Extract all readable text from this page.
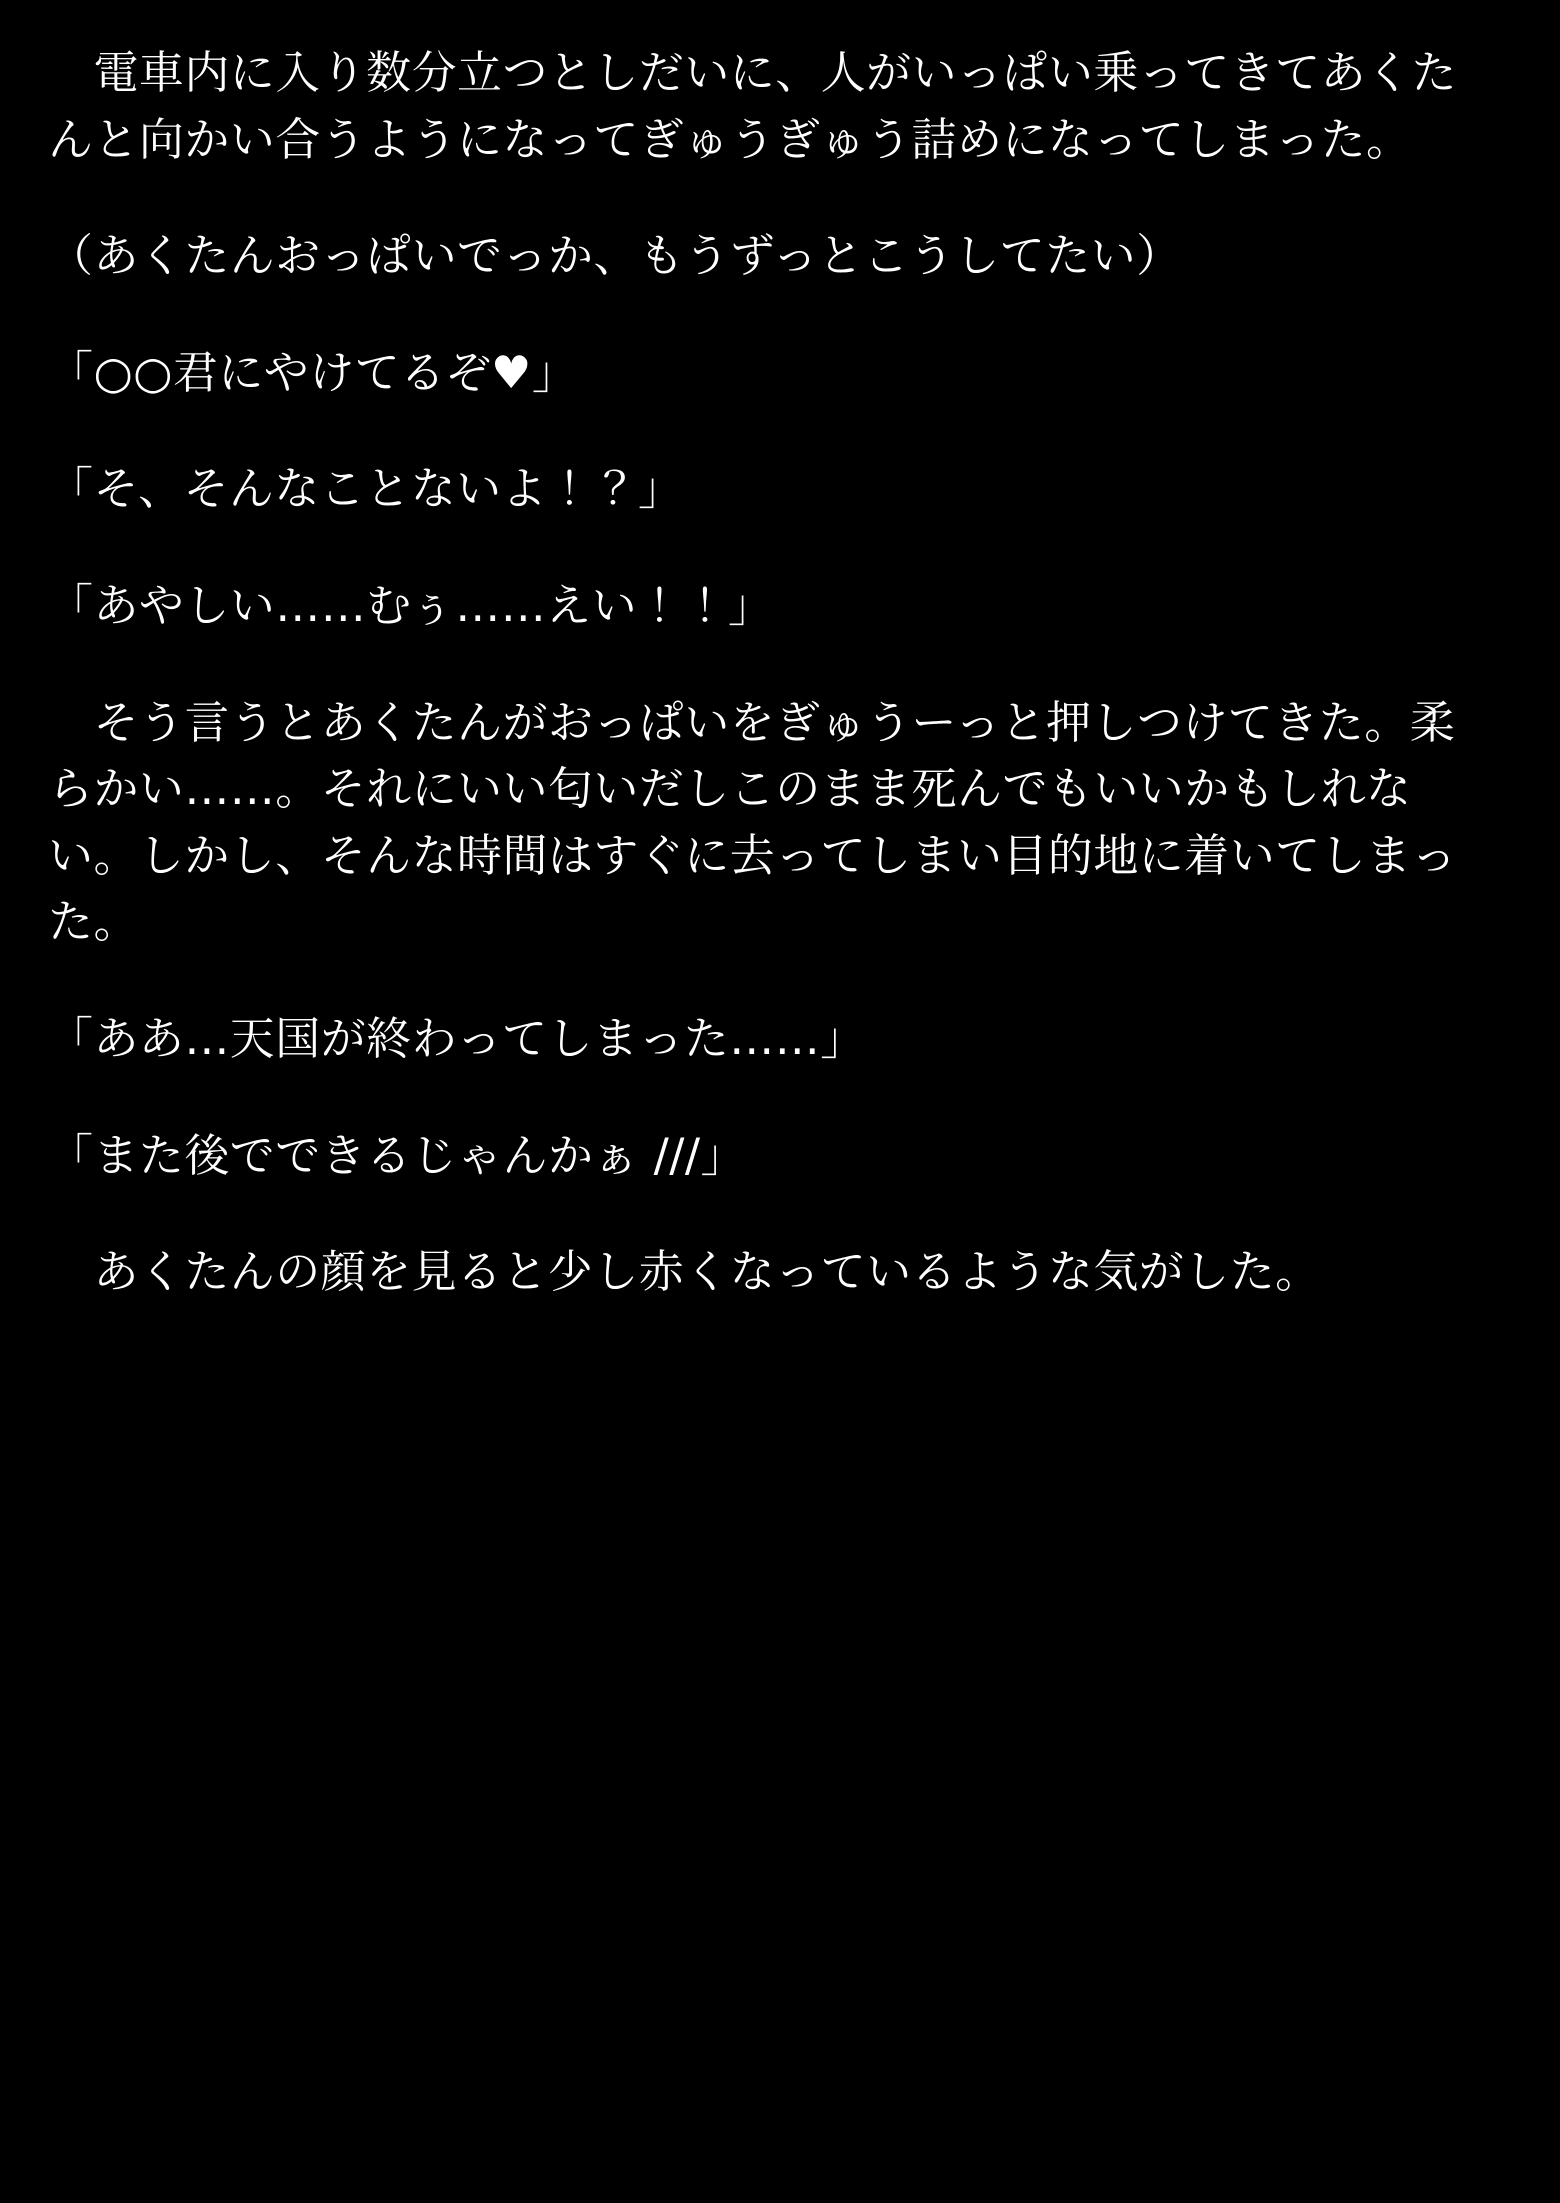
　電車内に入り数分立つとしだいに、人がいっぱい乗ってきてあくたんと向かい合うようになってぎゅうぎゅう詰めになってしまった。

（あくたんおっぱいでっか、もうずっとこうしてたい）

「○○君にやけてるぞ♥」

「そ、そんなことないよ！？」

「あやしい……むぅ……えい！！」

　そう言うとあくたんがおっぱいをぎゅうーっと押しつけてきた。柔らかい……。それにいい匂いだしこのまま死んでもいいかもしれない。しかし、そんな時間はすぐに去ってしまい目的地に着いてしまった。

「ああ…天国が終わってしまった……」

「また後でできるじゃんかぁ ///」

　あくたんの顔を見ると少し赤くなっているような気がした。
